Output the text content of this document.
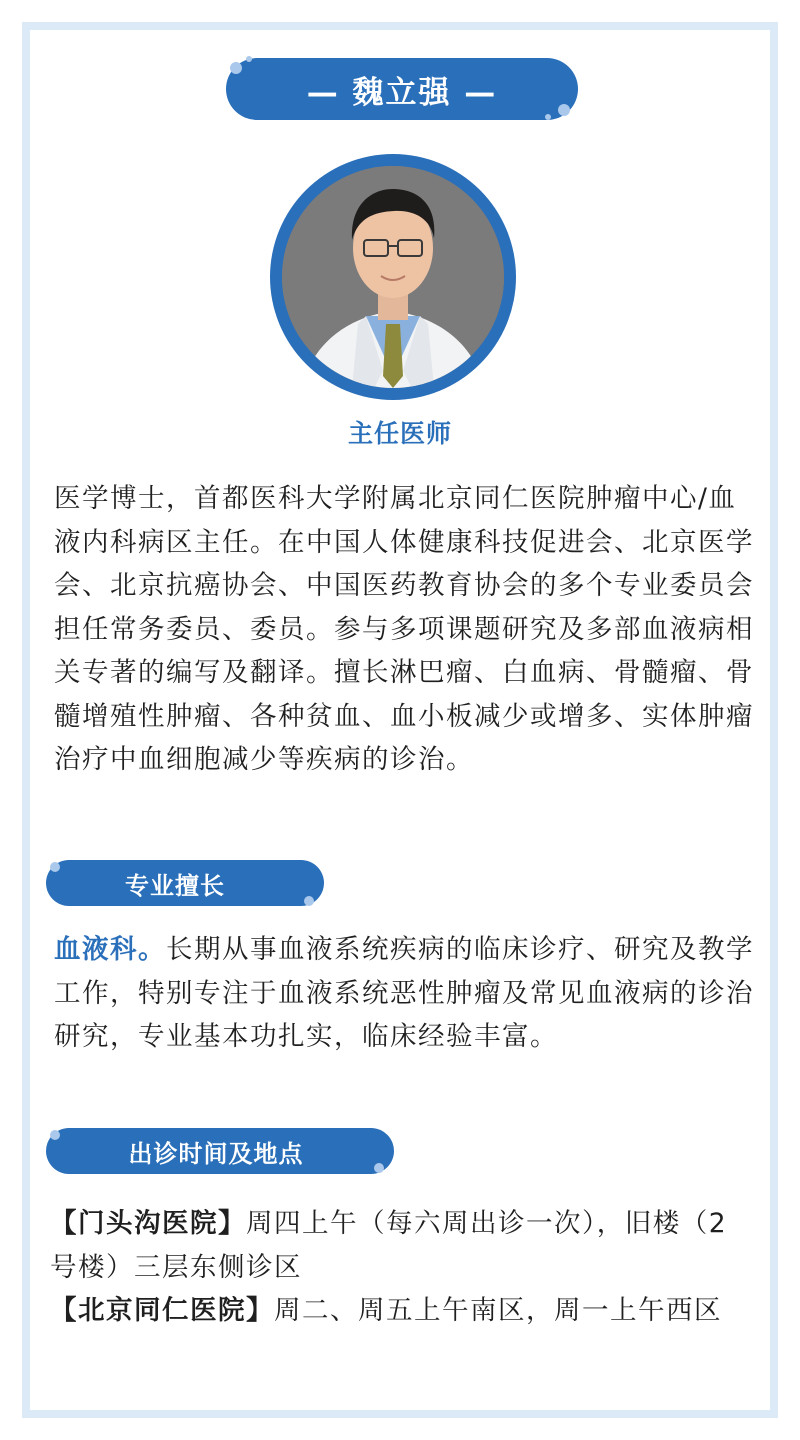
— 魏立强 —
主任医师

医学博士，首都医科大学附属北京同仁医院肿瘤中心/血液内科病区主任。在中国人体健康科技促进会、北京医学会、北京抗癌协会、中国医药教育协会的多个专业委员会担任常务委员、委员。参与多项课题研究及多部血液病相关专著的编写及翻译。擅长淋巴瘤、白血病、骨髓瘤、骨髓增殖性肿瘤、各种贫血、血小板减少或增多、实体肿瘤治疗中血细胞减少等疾病的诊治。

专业擅长

血液科。长期从事血液系统疾病的临床诊疗、研究及教学工作，特别专注于血液系统恶性肿瘤及常见血液病的诊治研究，专业基本功扎实，临床经验丰富。

出诊时间及地点

【门头沟医院】周四上午（每六周出诊一次），旧楼（2号楼）三层东侧诊区
【北京同仁医院】周二、周五上午南区，周一上午西区
